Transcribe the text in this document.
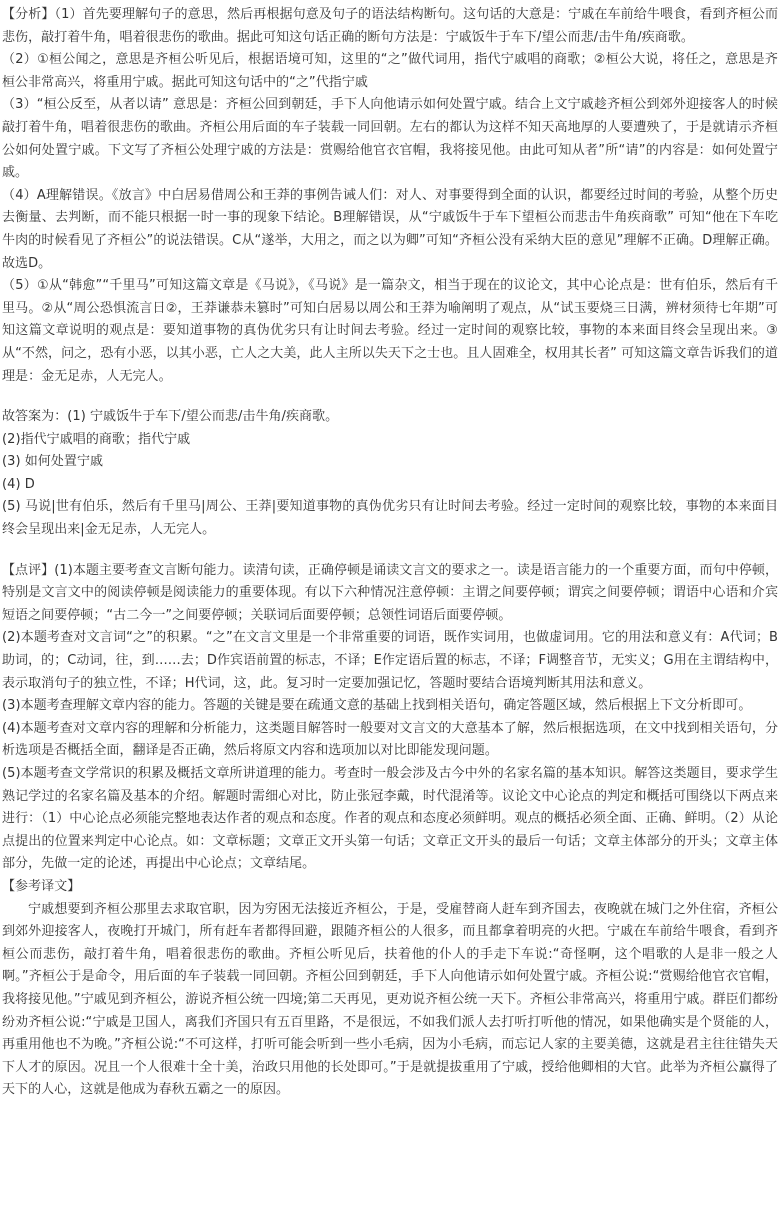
【分析】（1）首先要理解句子的意思，然后再根据句意及句子的语法结构断句。这句话的大意是：宁戚在车前给牛喂食，看到齐桓公而悲伤，敲打着牛角，唱着很悲伤的歌曲。据此可知这句话正确的断句方法是：宁戚饭牛于车下/望公而悲/击牛角/疾商歌。

（2）①桓公闻之，意思是齐桓公听见后，根据语境可知，这里的“之”做代词用，指代宁戚唱的商歌；②桓公大说，将任之，意思是齐桓公非常高兴，将重用宁戚。据此可知这句话中的“之”代指宁戚

（3）“桓公反至，从者以请” 意思是：齐桓公回到朝廷，手下人向他请示如何处置宁戚。结合上文宁戚趁齐桓公到郊外迎接客人的时候敲打着牛角，唱着很悲伤的歌曲。齐桓公用后面的车子装载一同回朝。左右的都认为这样不知天高地厚的人要遭殃了，于是就请示齐桓公如何处置宁戚。下文写了齐桓公处理宁戚的方法是：赏赐给他官衣官帽，我将接见他。由此可知从者”所“请”的内容是：如何处置宁戚。

（4）A理解错误。《放言》中白居易借周公和王莽的事例告诫人们：对人、对事要得到全面的认识，都要经过时间的考验，从整个历史去衡量、去判断，而不能只根据一时一事的现象下结论。B理解错误，从“宁戚饭牛于车下望桓公而悲击牛角疾商歌” 可知“他在下车吃牛肉的时候看见了齐桓公”的说法错误。C从“遂举，大用之，而之以为卿”可知“齐桓公没有采纳大臣的意见”理解不正确。D理解正确。故选D。

（5）①从“韩愈”“千里马”可知这篇文章是《马说》，《马说》是一篇杂文，相当于现在的议论文，其中心论点是：世有伯乐，然后有千里马。②从“周公恐惧流言日②，王莽谦恭未篡时”可知白居易以周公和王莽为喻阐明了观点，从“试玉要烧三日满，辨材须待七年期”可知这篇文章说明的观点是：要知道事物的真伪优劣只有让时间去考验。经过一定时间的观察比较，事物的本来面目终会呈现出来。③从“不然，问之，恐有小恶，以其小恶，亡人之大美，此人主所以失天下之士也。且人固难全，权用其长者” 可知这篇文章告诉我们的道理是：金无足赤，人无完人。

故答案为：(1) 宁戚饭牛于车下/望公而悲/击牛角/疾商歌。

(2)指代宁戚唱的商歌；指代宁戚

(3) 如何处置宁戚

(4) D

(5) 马说|世有伯乐，然后有千里马|周公、王莽|要知道事物的真伪优劣只有让时间去考验。经过一定时间的观察比较，事物的本来面目终会呈现出来|金无足赤，人无完人。

【点评】(1)本题主要考查文言断句能力。读清句读，正确停顿是诵读文言文的要求之一。读是语言能力的一个重要方面，而句中停顿，特别是文言文中的阅读停顿是阅读能力的重要体现。有以下六种情况注意停顿：主谓之间要停顿；谓宾之间要停顿；谓语中心语和介宾短语之间要停顿；“古二今一”之间要停顿；关联词后面要停顿；总领性词语后面要停顿。

(2)本题考查对文言词“之”的积累。“之”在文言文里是一个非常重要的词语，既作实词用，也做虚词用。它的用法和意义有：A代词；B助词，的；C动词，往，到……去；D作宾语前置的标志，不译；E作定语后置的标志，不译；F调整音节，无实义；G用在主谓结构中，表示取消句子的独立性，不译；H代词，这，此。复习时一定要加强记忆，答题时要结合语境判断其用法和意义。

(3)本题考查理解文章内容的能力。答题的关键是要在疏通文意的基础上找到相关语句，确定答题区域，然后根据上下文分析即可。

(4)本题考查对文章内容的理解和分析能力，这类题目解答时一般要对文言文的大意基本了解，然后根据选项，在文中找到相关语句，分析选项是否概括全面，翻译是否正确，然后将原文内容和选项加以对比即能发现问题。

(5)本题考查文学常识的积累及概括文章所讲道理的能力。考查时一般会涉及古今中外的名家名篇的基本知识。解答这类题目，要求学生熟记学过的名家名篇及基本的介绍。解题时需细心对比，防止张冠李戴，时代混淆等。议论文中心论点的判定和概括可围绕以下两点来进行：（1）中心论点必须能完整地表达作者的观点和态度。作者的观点和态度必须鲜明。观点的概括必须全面、正确、鲜明。（2）从论点提出的位置来判定中心论点。如：文章标题；文章正文开头第一句话；文章正文开头的最后一句话；文章主体部分的开头；文章主体部分，先做一定的论述，再提出中心论点；文章结尾。

【参考译文】

宁戚想要到齐桓公那里去求取官职，因为穷困无法接近齐桓公，于是，受雇替商人赶车到齐国去，夜晚就在城门之外住宿，齐桓公到郊外迎接客人，夜晚打开城门，所有赶车者都得回避，跟随齐桓公的人很多，而且都拿着明亮的火把。宁戚在车前给牛喂食，看到齐桓公而悲伤，敲打着牛角，唱着很悲伤的歌曲。齐桓公听见后，扶着他的仆人的手走下车说:“奇怪啊，这个唱歌的人是非一般之人啊。”齐桓公于是命令，用后面的车子装载一同回朝。齐桓公回到朝廷，手下人向他请示如何处置宁戚。齐桓公说:“赏赐给他官衣官帽，我将接见他。”宁戚见到齐桓公，游说齐桓公统一四境;第二天再见，更劝说齐桓公统一天下。齐桓公非常高兴，将重用宁戚。群臣们都纷纷劝齐桓公说:“宁戚是卫国人，离我们齐国只有五百里路，不是很远，不如我们派人去打听打听他的情况，如果他确实是个贤能的人，再重用他也不为晚。”齐桓公说:“不可这样，打听可能会听到一些小毛病，因为小毛病，而忘记人家的主要美德，这就是君主往往错失天下人才的原因。况且一个人很难十全十美，治政只用他的长处即可。”于是就提拔重用了宁戚，授给他卿相的大官。此举为齐桓公赢得了天下的人心，这就是他成为春秋五霸之一的原因。
